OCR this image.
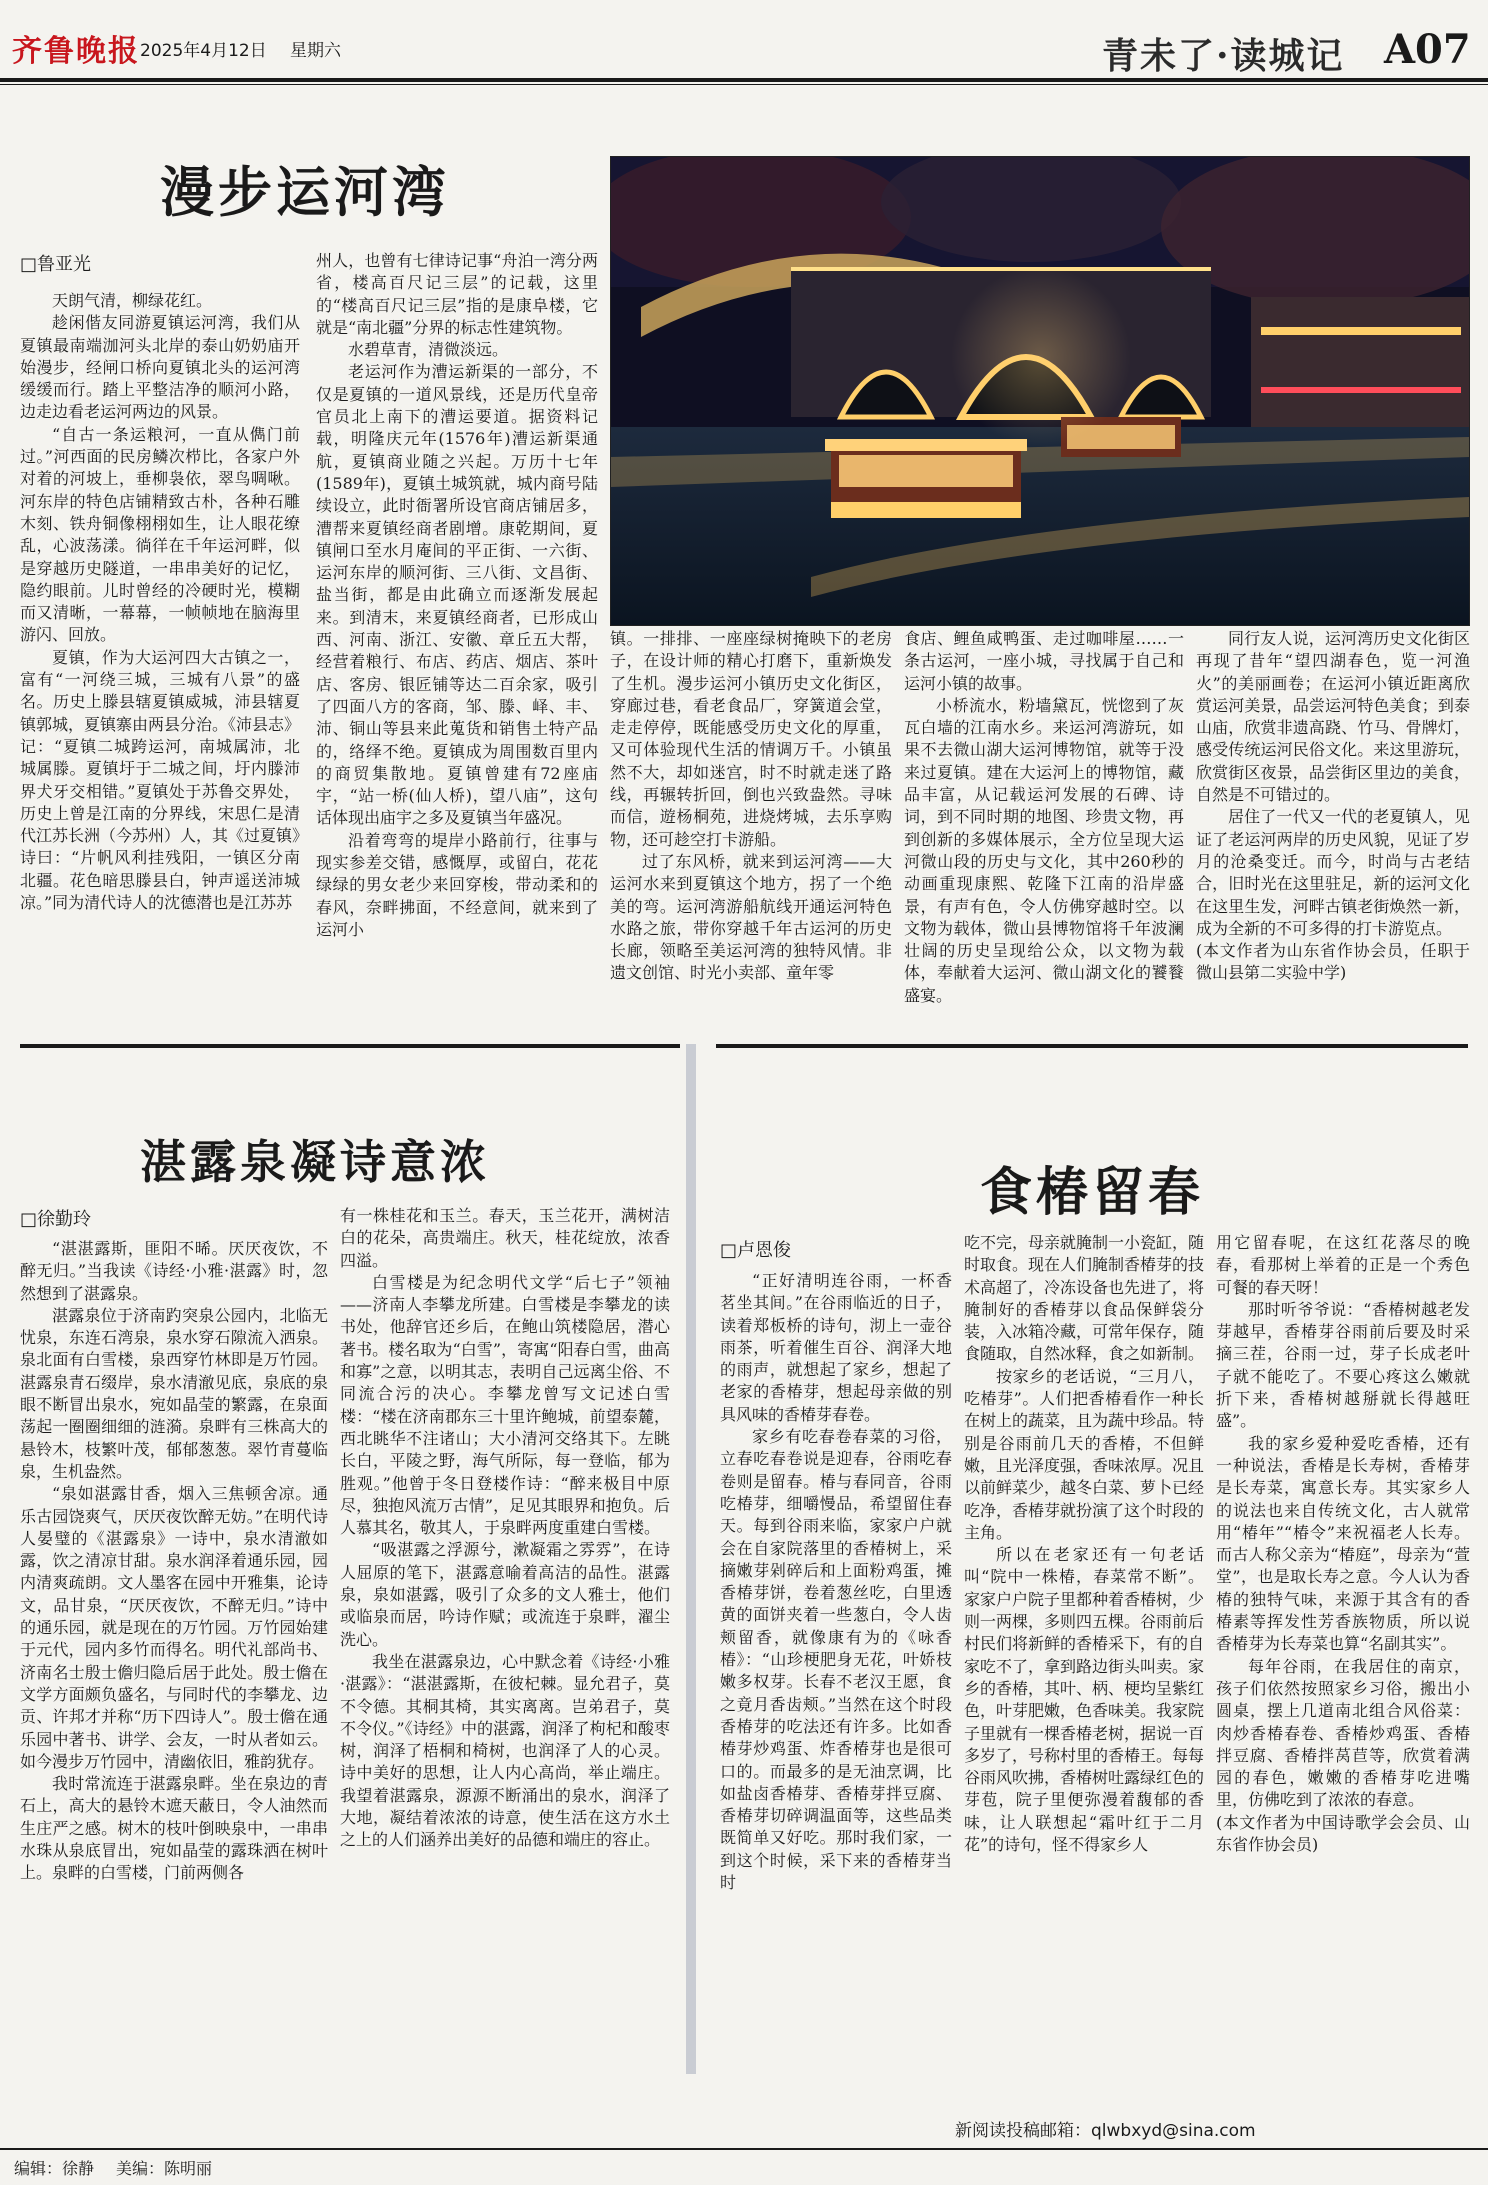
齐鲁晚报 2025年4月12日 星期六	青未了·读城记 A07
漫步运河湾
□鲁亚光

天朗气清，柳绿花红。

趁闲偕友同游夏镇运河湾，我们从夏镇最南端泇河头北岸的泰山奶奶庙开始漫步，经闸口桥向夏镇北头的运河湾缓缓而行。踏上平整洁净的顺河小路，边走边看老运河两边的风景。

“自古一条运粮河，一直从儁门前过。”河西面的民房鳞次栉比，各家户外对着的河坡上，垂柳袅依，翠鸟啁啾。河东岸的特色店铺精致古朴，各种石雕木刻、铁舟铜像栩栩如生，让人眼花缭乱，心波荡漾。徜徉在千年运河畔，似是穿越历史隧道，一串串美好的记忆，隐约眼前。儿时曾经的冷硬时光，模糊而又清晰，一幕幕，一帧帧地在脑海里游闪、回放。

夏镇，作为大运河四大古镇之一，富有“一河绕三城，三城有八景”的盛名。历史上滕县辖夏镇威城，沛县辖夏镇郭城，夏镇寨由两县分治。《沛县志》记：“夏镇二城跨运河，南城属沛，北城属滕。夏镇圩于二城之间，圩内滕沛界犬牙交相错。”夏镇处于苏鲁交界处，历史上曾是江南的分界线，宋思仁是清代江苏长洲（今苏州）人，其《过夏镇》诗曰：“片帆风利挂残阳，一镇区分南北疆。花色暗思滕县白，钟声遥送沛城凉。”同为清代诗人的沈德潜也是江苏苏

州人，也曾有七律诗记事“舟泊一湾分两省，楼高百尺记三层”的记载，这里的“楼高百尺记三层”指的是康阜楼，它就是“南北疆”分界的标志性建筑物。

水碧草青，清微淡远。

老运河作为漕运新渠的一部分，不仅是夏镇的一道风景线，还是历代皇帝官员北上南下的漕运要道。据资料记载，明隆庆元年(1576年)漕运新渠通航，夏镇商业随之兴起。万历十七年(1589年)，夏镇土城筑就，城内商号陆续设立，此时衙署所设官商店铺居多，漕帮来夏镇经商者剧增。康乾期间，夏镇闸口至水月庵间的平正街、一六街、运河东岸的顺河街、三八街、文昌街、盐当街，都是由此确立而逐渐发展起来。到清末，来夏镇经商者，已形成山西、河南、浙江、安徽、章丘五大帮，经营着粮行、布店、药店、烟店、茶叶店、客房、银匠铺等达二百余家，吸引了四面八方的客商，邹、滕、峄、丰、沛、铜山等县来此蒐货和销售土特产品的，络绎不绝。夏镇成为周围数百里内的商贸集散地。夏镇曾建有72座庙宇，“站一桥(仙人桥)，望八庙”，这句话体现出庙宇之多及夏镇当年盛况。

沿着弯弯的堤岸小路前行，往事与现实参差交错，感慨厚，或留白，花花绿绿的男女老少来回穿梭，带动柔和的春风，奈畔拂面，不经意间，就来到了运河小

镇。一排排、一座座绿树掩映下的老房子，在设计师的精心打磨下，重新焕发了生机。漫步运河小镇历史文化街区，穿廊过巷，看老食品厂，穿簧道会堂，走走停停，既能感受历史文化的厚重，又可体验现代生活的情调万千。小镇虽然不大，却如迷宫，时不时就走迷了路线，再辗转折回，倒也兴致盎然。寻味而信，遊杨桐苑，进烧烤城，去乐享购物，还可趁空打卡游船。

过了东风桥，就来到运河湾——大运河水来到夏镇这个地方，拐了一个绝美的弯。运河湾游船航线开通运河特色水路之旅，带你穿越千年古运河的历史长廊，领略至美运河湾的独特风情。非遗文创馆、时光小卖部、童年零

食店、鲤鱼咸鸭蛋、走过咖啡屋……一条古运河，一座小城，寻找属于自己和运河小镇的故事。

小桥流水，粉墙黛瓦，恍惚到了灰瓦白墙的江南水乡。来运河湾游玩，如果不去微山湖大运河博物馆，就等于没来过夏镇。建在大运河上的博物馆，藏品丰富，从记载运河发展的石碑、诗词，到不同时期的地图、珍贵文物，再到创新的多媒体展示，全方位呈现大运河微山段的历史与文化，其中260秒的动画重现康熙、乾隆下江南的沿岸盛景，有声有色，令人仿佛穿越时空。以文物为载体，微山县博物馆将千年波澜壮阔的历史呈现给公众，以文物为载体，奉献着大运河、微山湖文化的饕餮盛宴。

同行友人说，运河湾历史文化街区再现了昔年“望四湖春色，览一河渔火”的美丽画卷；在运河小镇近距离欣赏运河美景，品尝运河特色美食；到泰山庙，欣赏非遗高跷、竹马、骨牌灯，感受传统运河民俗文化。来这里游玩，欣赏街区夜景，品尝街区里边的美食，自然是不可错过的。

居住了一代又一代的老夏镇人，见证了老运河两岸的历史风貌，见证了岁月的沧桑变迁。而今，时尚与古老结合，旧时光在这里驻足，新的运河文化在这里生发，河畔古镇老街焕然一新，成为全新的不可多得的打卡游览点。

(本文作者为山东省作协会员，任职于微山县第二实验中学)
湛露泉凝诗意浓
□徐勤玲

“湛湛露斯，匪阳不晞。厌厌夜饮，不醉无归。”当我读《诗经·小雅·湛露》时，忽然想到了湛露泉。

湛露泉位于济南趵突泉公园内，北临无忧泉，东连石湾泉，泉水穿石隙流入洒泉。泉北面有白雪楼，泉西穿竹林即是万竹园。湛露泉青石缀岸，泉水清澈见底，泉底的泉眼不断冒出泉水，宛如晶莹的繁露，在泉面荡起一圈圈细细的涟漪。泉畔有三株高大的悬铃木，枝繁叶茂，郁郁葱葱。翠竹青蔓临泉，生机盎然。

“泉如湛露甘香，烟入三焦顿舍凉。通乐古园饶爽气，厌厌夜饮醉无妨。”在明代诗人晏璧的《湛露泉》一诗中，泉水清澈如露，饮之清凉甘甜。泉水润泽着通乐园，园内清爽疏朗。文人墨客在园中开雅集，论诗文，品甘泉，“厌厌夜饮，不醉无归。”诗中的通乐园，就是现在的万竹园。万竹园始建于元代，园内多竹而得名。明代礼部尚书、济南名士殷士儋归隐后居于此处。殷士儋在文学方面颇负盛名，与同时代的李攀龙、边贡、许邦才并称“历下四诗人”。殷士儋在通乐园中著书、讲学、会友，一时从者如云。如今漫步万竹园中，清幽依旧，雅韵犹存。

我时常流连于湛露泉畔。坐在泉边的青石上，高大的悬铃木遮天蔽日，令人油然而生庄严之感。树木的枝叶倒映泉中，一串串水珠从泉底冒出，宛如晶莹的露珠洒在树叶上。泉畔的白雪楼，门前两侧各

有一株桂花和玉兰。春天，玉兰花开，满树洁白的花朵，高贵端庄。秋天，桂花绽放，浓香四溢。

白雪楼是为纪念明代文学“后七子”领袖——济南人李攀龙所建。白雪楼是李攀龙的读书处，他辞官还乡后，在鲍山筑楼隐居，潜心著书。楼名取为“白雪”，寄寓“阳春白雪，曲高和寡”之意，以明其志，表明自己远离尘俗、不同流合污的决心。李攀龙曾写文记述白雪楼：“楼在济南郡东三十里许鲍城，前望泰麓，西北眺华不注诸山；大小清河交络其下。左眺长白，平陵之野，海气所际，每一登临，郁为胜观。”他曾于冬日登楼作诗：“醉来极目中原尽，独抱风流万古情”，足见其眼界和抱负。后人慕其名，敬其人，于泉畔两度重建白雪楼。

“吸湛露之浮源兮，漱凝霜之雰雰”，在诗人屈原的笔下，湛露意喻着高洁的品性。湛露泉，泉如湛露，吸引了众多的文人雅士，他们或临泉而居，吟诗作赋；或流连于泉畔，濯尘洗心。

我坐在湛露泉边，心中默念着《诗经·小雅·湛露》：“湛湛露斯，在彼杞棘。显允君子，莫不令德。其桐其椅，其实离离。岂弟君子，莫不令仪。”《诗经》中的湛露，润泽了枸杞和酸枣树，润泽了梧桐和椅树，也润泽了人的心灵。诗中美好的思想，让人内心高尚，举止端庄。我望着湛露泉，源源不断涌出的泉水，润泽了大地，凝结着浓浓的诗意，使生活在这方水土之上的人们涵养出美好的品德和端庄的容止。

食椿留春
□卢恩俊

“正好清明连谷雨，一杯香茗坐其间。”在谷雨临近的日子，读着郑板桥的诗句，沏上一壶谷雨茶，听着催生百谷、润泽大地的雨声，就想起了家乡，想起了老家的香椿芽，想起母亲做的别具风味的香椿芽春卷。

家乡有吃春卷春菜的习俗，立春吃春卷说是迎春，谷雨吃春卷则是留春。椿与春同音，谷雨吃椿芽，细嚼慢品，希望留住春天。每到谷雨来临，家家户户就会在自家院落里的香椿树上，采摘嫩芽剁碎后和上面粉鸡蛋，摊香椿芽饼，卷着葱丝吃，白里透黄的面饼夹着一些葱白，令人齿颊留香，就像康有为的《咏香椿》：“山珍梗肥身无花，叶娇枝嫩多权芽。长春不老汉王愿，食之竟月香齿颊。”当然在这个时段香椿芽的吃法还有许多。比如香椿芽炒鸡蛋、炸香椿芽也是很可口的。而最多的是无油烹调，比如盐卤香椿芽、香椿芽拌豆腐、香椿芽切碎调温面等，这些品类既简单又好吃。那时我们家，一到这个时候，采下来的香椿芽当时

吃不完，母亲就腌制一小瓷缸，随时取食。现在人们腌制香椿芽的技术高超了，冷冻设备也先进了，将腌制好的香椿芽以食品保鲜袋分装，入冰箱冷藏，可常年保存，随食随取，自然冰释，食之如新制。

按家乡的老话说，“三月八，吃椿芽”。人们把香椿看作一种长在树上的蔬菜，且为蔬中珍品。特别是谷雨前几天的香椿，不但鲜嫩，且光泽度强，香味浓厚。况且以前鲜菜少，越冬白菜、萝卜已经吃净，香椿芽就扮演了这个时段的主角。

所以在老家还有一句老话叫“院中一株椿，春菜常不断”。家家户户院子里都种着香椿树，少则一两棵，多则四五棵。谷雨前后村民们将新鲜的香椿采下，有的自家吃不了，拿到路边街头叫卖。家乡的香椿，其叶、柄、梗均呈紫红色，叶芽肥嫩，色香味美。我家院子里就有一棵香椿老树，据说一百多岁了，号称村里的香椿王。每每谷雨风吹拂，香椿树吐露绿红色的芽苞，院子里便弥漫着馥郁的香味，让人联想起“霜叶红于二月花”的诗句，怪不得家乡人

用它留春呢，在这红花落尽的晚春，看那树上举着的正是一个秀色可餐的春天呀！

那时听爷爷说：“香椿树越老发芽越早，香椿芽谷雨前后要及时采摘三茬，谷雨一过，芽子长成老叶子就不能吃了。不要心疼这么嫩就折下来，香椿树越掰就长得越旺盛”。

我的家乡爱种爱吃香椿，还有一种说法，香椿是长寿树，香椿芽是长寿菜，寓意长寿。其实家乡人的说法也来自传统文化，古人就常用“椿年”“椿令”来祝福老人长寿。而古人称父亲为“椿庭”，母亲为“萱堂”，也是取长寿之意。今人认为香椿的独特气味，来源于其含有的香椿素等挥发性芳香族物质，所以说香椿芽为长寿菜也算“名副其实”。

每年谷雨，在我居住的南京，孩子们依然按照家乡习俗，搬出小圆桌，摆上几道南北组合风俗菜：肉炒香椿春卷、香椿炒鸡蛋、香椿拌豆腐、香椿拌莴苣等，欣赏着满园的春色，嫩嫩的香椿芽吃进嘴里，仿佛吃到了浓浓的春意。

(本文作者为中国诗歌学会会员、山东省作协会员)
新阅读投稿邮箱：qlwbxyd@sina.com
编辑：徐静 美编：陈明丽
